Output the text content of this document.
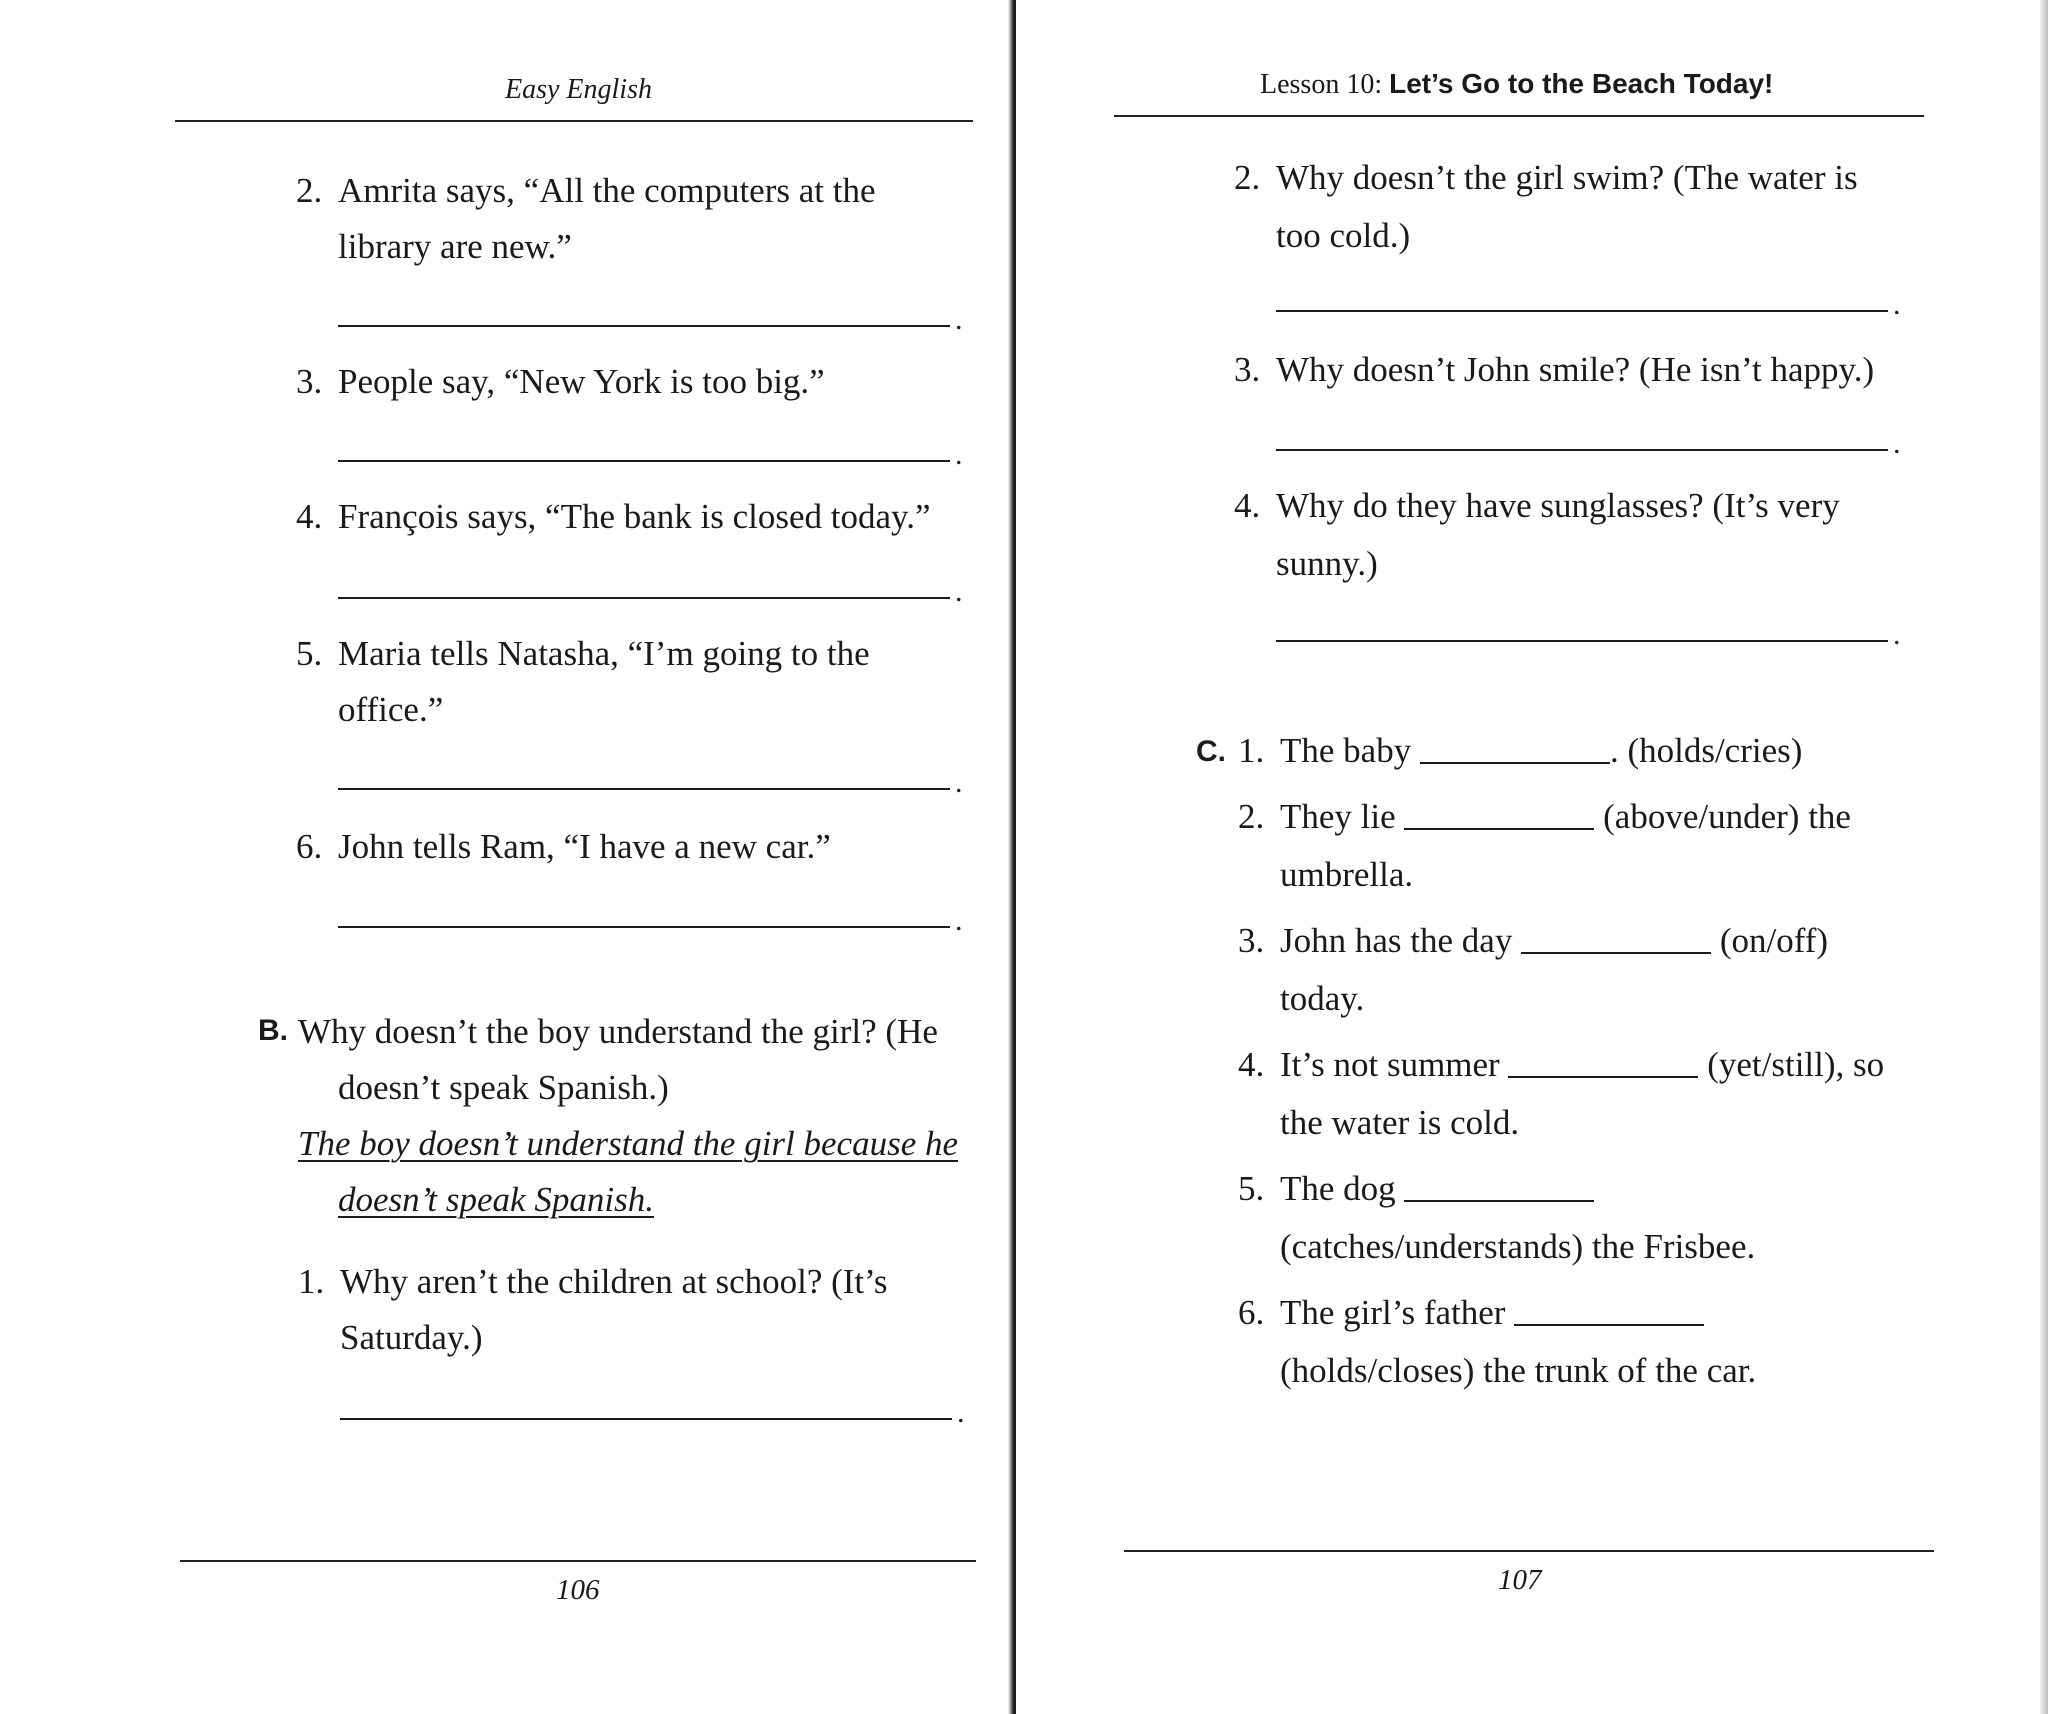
Easy English
2. Amrita says, “All the computers at the
library are new.”
.
3. People say, “New York is too big.”
.
4. François says, “The bank is closed today.”
.
5. Maria tells Natasha, “I’m going to the
office.”
.
6. John tells Ram, “I have a new car.”
.
B. Why doesn’t the boy understand the girl? (He
doesn’t speak Spanish.)
The boy doesn’t understand the girl because he
doesn’t speak Spanish.
1. Why aren’t the children at school? (It’s
Saturday.)
.
106
Lesson 10: Let’s Go to the Beach Today!
2. Why doesn’t the girl swim? (The water is
too cold.)
.
3. Why doesn’t John smile? (He isn’t happy.)
.
4. Why do they have sunglasses? (It’s very
sunny.)
.
C. 1. The baby	. (holds/cries)
2. They lie	(above/under) the
umbrella.
3. John has the day	(on/off)
today.
4. It’s not summer	(yet/still), so
the water is cold.
5. The dog
(catches/understands) the Frisbee.
6. The girl’s father
(holds/closes) the trunk of the car.
107
